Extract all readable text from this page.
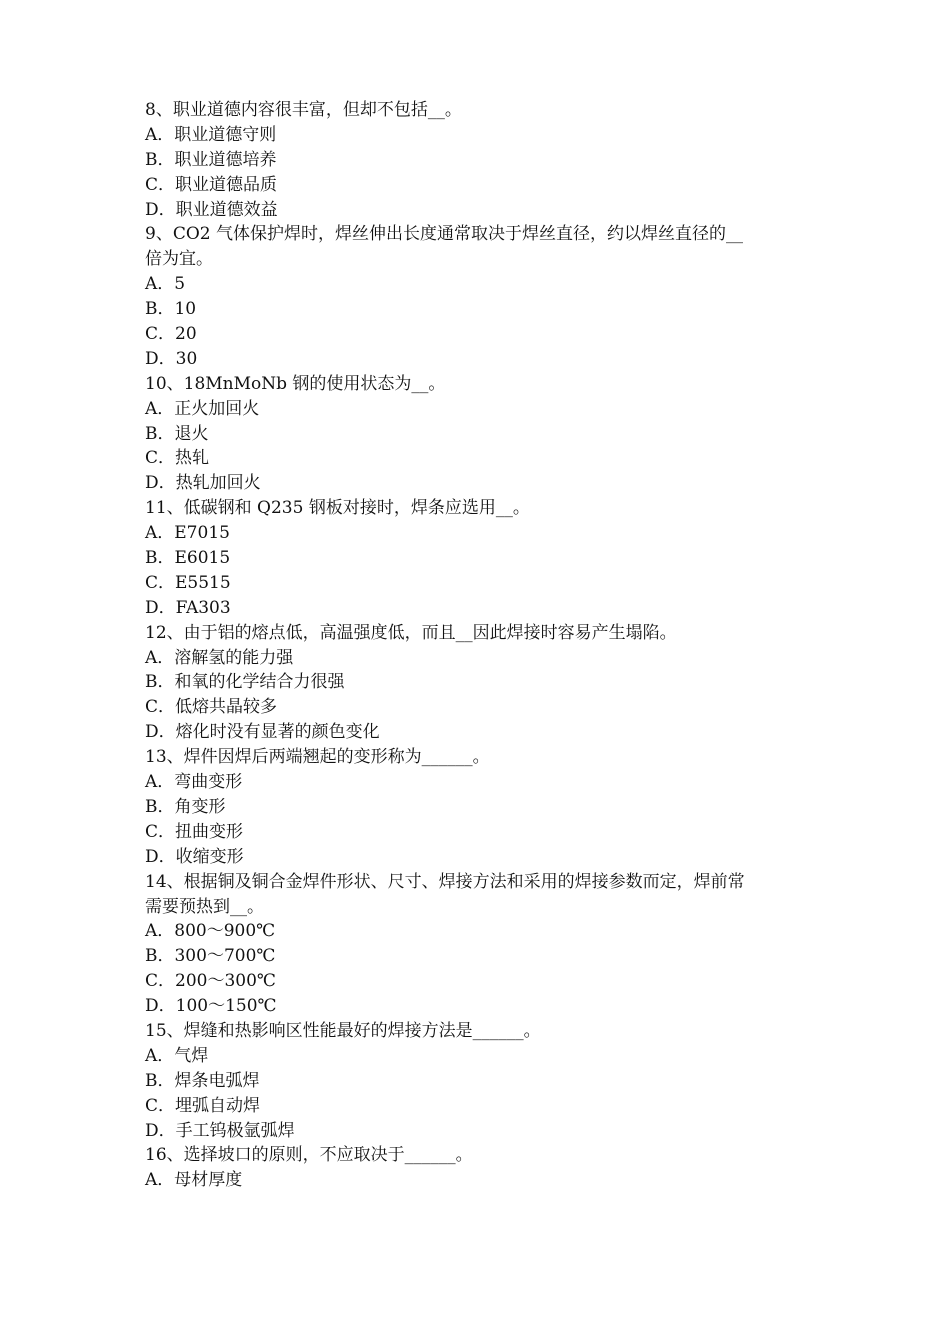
8、职业道德内容很丰富，但却不包括__。
A．职业道德守则
B．职业道德培养
C．职业道德品质
D．职业道德效益
9、CO2 气体保护焊时，焊丝伸出长度通常取决于焊丝直径，约以焊丝直径的__
倍为宜。
A．5
B．10
C．20
D．30
10、18MnMoNb 钢的使用状态为__。
A．正火加回火
B．退火
C．热轧
D．热轧加回火
11、低碳钢和 Q235 钢板对接时，焊条应选用__。
A．E7015
B．E6015
C．E5515
D．FA303
12、由于铝的熔点低，高温强度低，而且__因此焊接时容易产生塌陷。
A．溶解氢的能力强
B．和氧的化学结合力很强
C．低熔共晶较多
D．熔化时没有显著的颜色变化
13、焊件因焊后两端翘起的变形称为______。
A．弯曲变形
B．角变形
C．扭曲变形
D．收缩变形
14、根据铜及铜合金焊件形状、尺寸、焊接方法和采用的焊接参数而定，焊前常
需要预热到__。
A．800～900℃
B．300～700℃
C．200～300℃
D．100～150℃
15、焊缝和热影响区性能最好的焊接方法是______。
A．气焊
B．焊条电弧焊
C．埋弧自动焊
D．手工钨极氩弧焊
16、选择坡口的原则，不应取决于______。
A．母材厚度
